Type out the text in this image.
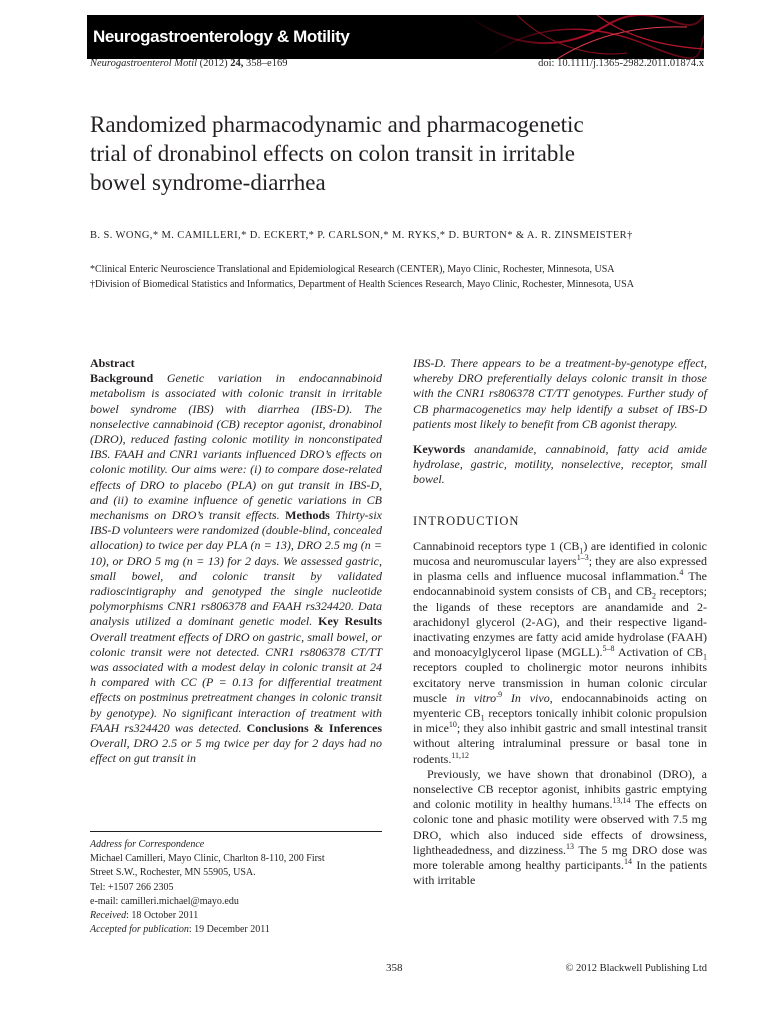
Neurogastroenterology & Motility
Neurogastroenterol Motil (2012) 24, 358–e169	doi: 10.1111/j.1365-2982.2011.01874.x
Randomized pharmacodynamic and pharmacogenetic
trial of dronabinol effects on colon transit in irritable
bowel syndrome-diarrhea
B. S. WONG,* M. CAMILLERI,* D. ECKERT,* P. CARLSON,* M. RYKS,* D. BURTON* & A. R. ZINSMEISTER†
*Clinical Enteric Neuroscience Translational and Epidemiological Research (CENTER), Mayo Clinic, Rochester, Minnesota, USA
†Division of Biomedical Statistics and Informatics, Department of Health Sciences Research, Mayo Clinic, Rochester, Minnesota, USA
Abstract
Background Genetic variation in endocannabinoid metabolism is associated with colonic transit in irritable bowel syndrome (IBS) with diarrhea (IBS-D). The nonselective cannabinoid (CB) receptor agonist, dronabinol (DRO), reduced fasting colonic motility in nonconstipated IBS. FAAH and CNR1 variants influenced DRO’s effects on colonic motility. Our aims were: (i) to compare dose-related effects of DRO to placebo (PLA) on gut transit in IBS-D, and (ii) to examine influence of genetic variations in CB mechanisms on DRO’s transit effects. Methods Thirty-six IBS-D volunteers were randomized (double-blind, concealed allocation) to twice per day PLA (n = 13), DRO 2.5 mg (n = 10), or DRO 5 mg (n = 13) for 2 days. We assessed gastric, small bowel, and colonic transit by validated radioscintigraphy and genotyped the single nucleotide polymorphisms CNR1 rs806378 and FAAH rs324420. Data analysis utilized a dominant genetic model. Key Results Overall treatment effects of DRO on gastric, small bowel, or colonic transit were not detected. CNR1 rs806378 CT/TT was associated with a modest delay in colonic transit at 24 h compared with CC (P = 0.13 for differential treatment effects on postminus pretreatment changes in colonic transit by genotype). No significant interaction of treatment with FAAH rs324420 was detected. Conclusions & Inferences Overall, DRO 2.5 or 5 mg twice per day for 2 days had no effect on gut transit in
IBS-D. There appears to be a treatment-by-genotype effect, whereby DRO preferentially delays colonic transit in those with the CNR1 rs806378 CT/TT genotypes. Further study of CB pharmacogenetics may help identify a subset of IBS-D patients most likely to benefit from CB agonist therapy.
Keywords anandamide, cannabinoid, fatty acid amide hydrolase, gastric, motility, nonselective, receptor, small bowel.
INTRODUCTION

Cannabinoid receptors type 1 $(CB_1)$ are identified in colonic mucosa and neuromuscular layers$^{1-3}$; they are also expressed in plasma cells and influence mucosal inflammation.$^4$ The endocannabinoid system consists of $CB_1$ and $CB_2$ receptors; the ligands of these receptors are anandamide and 2-arachidonyl glycerol (2-AG), and their respective ligand-inactivating enzymes are fatty acid amide hydrolase (FAAH) and monoacylglycerol lipase (MGLL).$^{5-8}$ Activation of $CB_1$ receptors coupled to cholinergic motor neurons inhibits excitatory nerve transmission in human colonic circular muscle in vitro$^{.9}$ In vivo, endocannabinoids acting on myenteric $CB_1$ receptors tonically inhibit colonic propulsion in mice$^{10}$; they also inhibit gastric and small intestinal transit without altering intraluminal pressure or basal tone in rodents.$^{11,12}$

Previously, we have shown that dronabinol (DRO), a nonselective CB receptor agonist, inhibits gastric emptying and colonic motility in healthy humans.$^{13,14}$ The effects on colonic tone and phasic motility were observed with 7.5 mg DRO, which also induced side effects of drowsiness, lightheadedness, and dizziness.$^{13}$ The 5 mg DRO dose was more tolerable among healthy participants.$^{14}$ In the patients with irritable

Address for Correspondence
Michael Camilleri, Mayo Clinic, Charlton 8-110, 200 First
Street S.W., Rochester, MN 55905, USA.
Tel: +1507 266 2305
e-mail: camilleri.michael@mayo.edu
Received: 18 October 2011
Accepted for publication: 19 December 2011
358	© 2012 Blackwell Publishing Ltd
